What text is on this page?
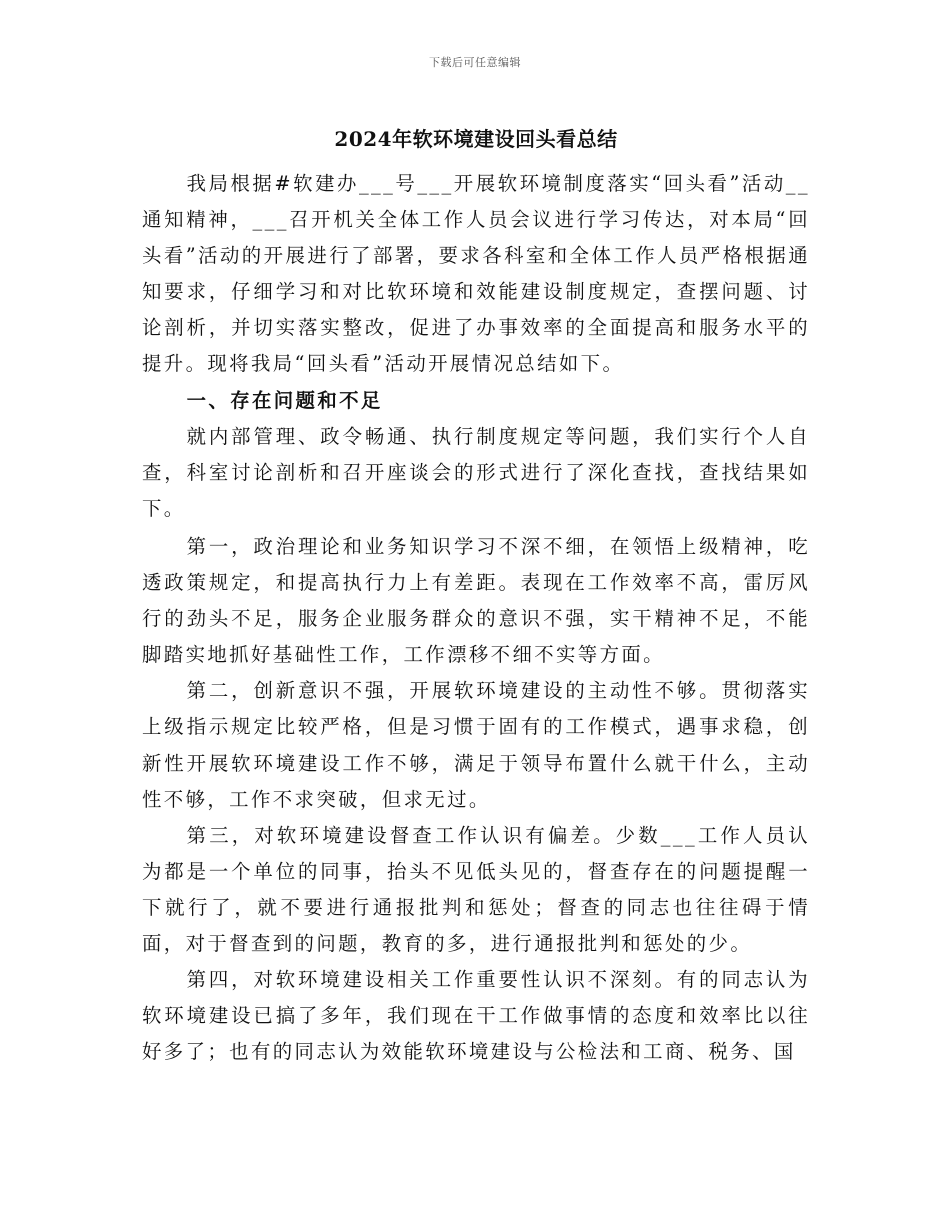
下载后可任意编辑
2024年软环境建设回头看总结

我局根据#软建办___号___开展软环境制度落实“回头看”活动__通知精神，___召开机关全体工作人员会议进行学习传达，对本局“回头看”活动的开展进行了部署，要求各科室和全体工作人员严格根据通知要求，仔细学习和对比软环境和效能建设制度规定，查摆问题、讨论剖析，并切实落实整改，促进了办事效率的全面提高和服务水平的提升。现将我局“回头看”活动开展情况总结如下。

一、存在问题和不足

就内部管理、政令畅通、执行制度规定等问题，我们实行个人自查，科室讨论剖析和召开座谈会的形式进行了深化查找，查找结果如下。

第一，政治理论和业务知识学习不深不细，在领悟上级精神，吃透政策规定，和提高执行力上有差距。表现在工作效率不高，雷厉风行的劲头不足，服务企业服务群众的意识不强，实干精神不足，不能脚踏实地抓好基础性工作，工作漂移不细不实等方面。

第二，创新意识不强，开展软环境建设的主动性不够。贯彻落实上级指示规定比较严格，但是习惯于固有的工作模式，遇事求稳，创新性开展软环境建设工作不够，满足于领导布置什么就干什么，主动性不够，工作不求突破，但求无过。

第三，对软环境建设督查工作认识有偏差。少数___工作人员认为都是一个单位的同事，抬头不见低头见的，督查存在的问题提醒一下就行了，就不要进行通报批判和惩处；督查的同志也往往碍于情面，对于督查到的问题，教育的多，进行通报批判和惩处的少。

第四，对软环境建设相关工作重要性认识不深刻。有的同志认为软环境建设已搞了多年，我们现在干工作做事情的态度和效率比以往好多了；也有的同志认为效能软环境建设与公检法和工商、税务、国
